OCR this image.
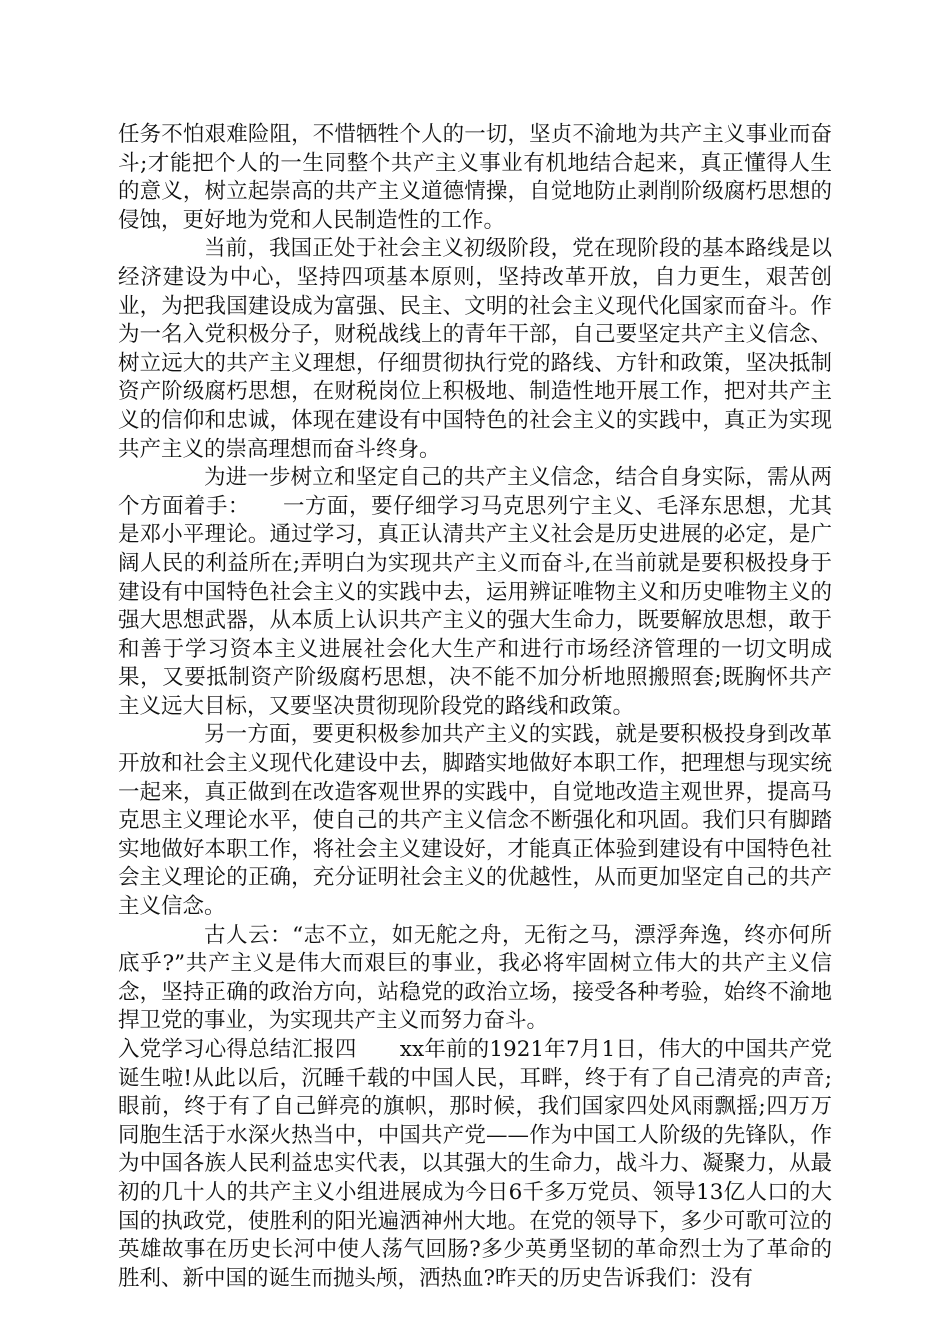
任务不怕艰难险阻，不惜牺牲个人的一切，坚贞不渝地为共产主义事业而奋斗;才能把个人的一生同整个共产主义事业有机地结合起来，真正懂得人生的意义，树立起崇高的共产主义道德情操，自觉地防止剥削阶级腐朽思想的侵蚀，更好地为党和人民制造性的工作。

当前，我国正处于社会主义初级阶段，党在现阶段的基本路线是以经济建设为中心，坚持四项基本原则，坚持改革开放，自力更生，艰苦创业，为把我国建设成为富强、民主、文明的社会主义现代化国家而奋斗。作为一名入党积极分子，财税战线上的青年干部，自己要坚定共产主义信念、树立远大的共产主义理想，仔细贯彻执行党的路线、方针和政策，坚决抵制资产阶级腐朽思想，在财税岗位上积极地、制造性地开展工作，把对共产主义的信仰和忠诚，体现在建设有中国特色的社会主义的实践中，真正为实现共产主义的崇高理想而奋斗终身。

为进一步树立和坚定自己的共产主义信念，结合自身实际，需从两个方面着手：　　一方面，要仔细学习马克思列宁主义、毛泽东思想，尤其是邓小平理论。通过学习，真正认清共产主义社会是历史进展的必定，是广阔人民的利益所在;弄明白为实现共产主义而奋斗,在当前就是要积极投身于建设有中国特色社会主义的实践中去，运用辨证唯物主义和历史唯物主义的强大思想武器，从本质上认识共产主义的强大生命力，既要解放思想，敢于和善于学习资本主义进展社会化大生产和进行市场经济管理的一切文明成果，又要抵制资产阶级腐朽思想，决不能不加分析地照搬照套;既胸怀共产主义远大目标，又要坚决贯彻现阶段党的路线和政策。

另一方面，要更积极参加共产主义的实践，就是要积极投身到改革开放和社会主义现代化建设中去，脚踏实地做好本职工作，把理想与现实统一起来，真正做到在改造客观世界的实践中，自觉地改造主观世界，提高马克思主义理论水平，使自己的共产主义信念不断强化和巩固。我们只有脚踏实地做好本职工作，将社会主义建设好，才能真正体验到建设有中国特色社会主义理论的正确，充分证明社会主义的优越性，从而更加坚定自己的共产主义信念。

古人云：“志不立，如无舵之舟，无衔之马，漂浮奔逸，终亦何所底乎?”共产主义是伟大而艰巨的事业，我必将牢固树立伟大的共产主义信念，坚持正确的政治方向，站稳党的政治立场，接受各种考验，始终不渝地捍卫党的事业，为实现共产主义而努力奋斗。

入党学习心得总结汇报四　　xx年前的1921年7月1日，伟大的中国共产党诞生啦!从此以后，沉睡千载的中国人民，耳畔，终于有了自己清亮的声音;眼前，终于有了自己鲜亮的旗帜，那时候，我们国家四处风雨飘摇;四万万同胞生活于水深火热当中，中国共产党——作为中国工人阶级的先锋队，作为中国各族人民利益忠实代表，以其强大的生命力，战斗力、凝聚力，从最初的几十人的共产主义小组进展成为今日6千多万党员、领导13亿人口的大国的执政党，使胜利的阳光遍洒神州大地。在党的领导下，多少可歌可泣的英雄故事在历史长河中使人荡气回肠?多少英勇坚韧的革命烈士为了革命的胜利、新中国的诞生而抛头颅，洒热血?昨天的历史告诉我们：没有
